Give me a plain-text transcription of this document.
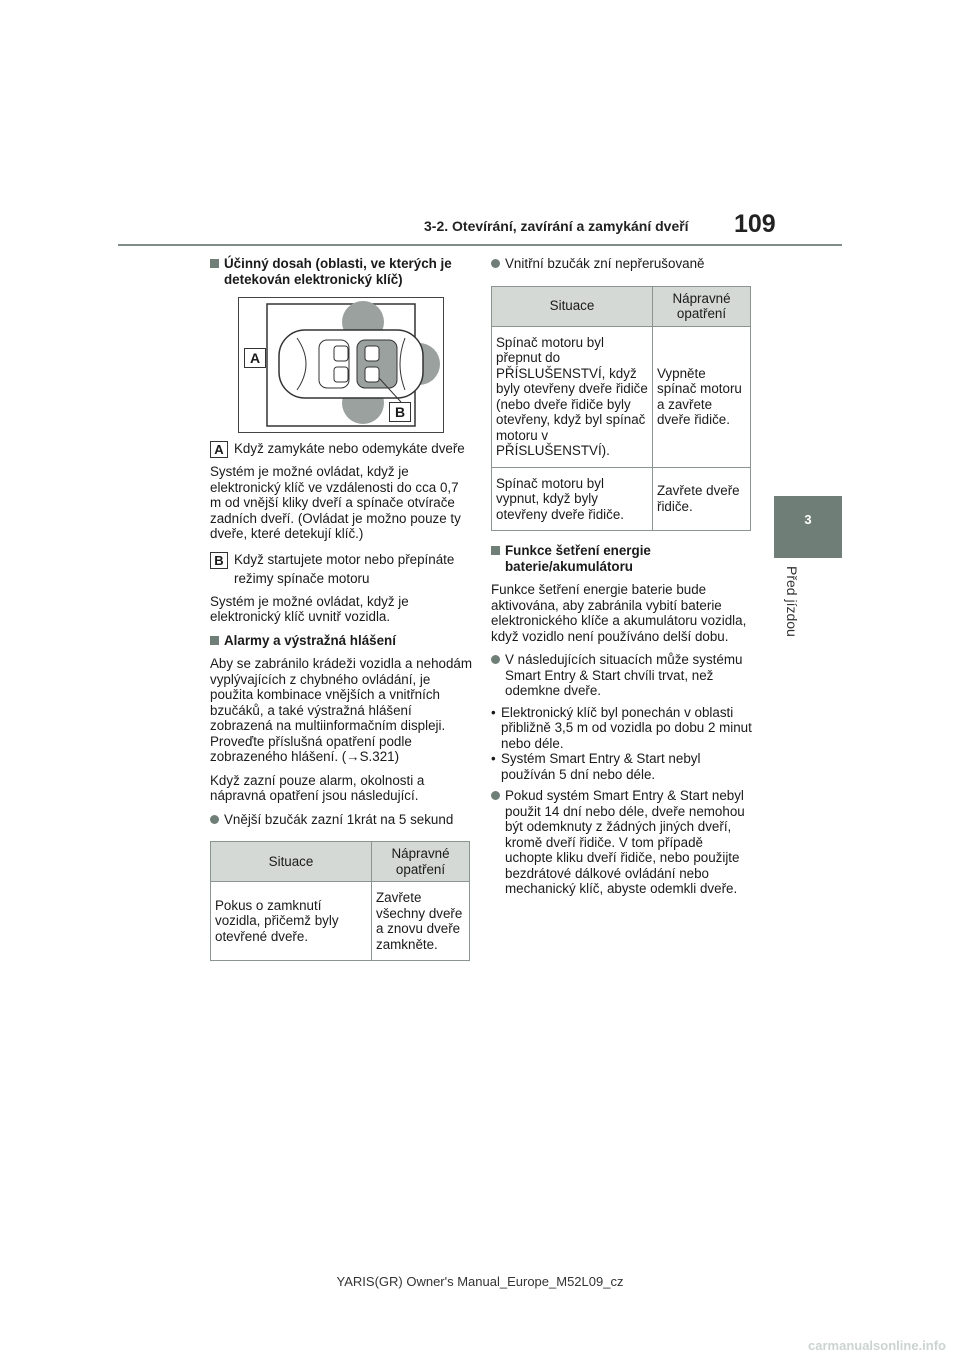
3-2. Otevírání, zavírání a zamykání dveří 109
3
Před jízdou
Účinný dosah (oblasti, ve kterých je detekován elektronický klíč)
A
B
A Když zamykáte nebo odemykáte dveře

Systém je možné ovládat, když je elektronický klíč ve vzdálenosti do cca 0,7 m od vnější kliky dveří a spínače otvírače zadních dveří. (Ovládat je možno pouze ty dveře, které detekují klíč.)

B Když startujete motor nebo přepínáte režimy spínače motoru

Systém je možné ovládat, když je elektronický klíč uvnitř vozidla.

Alarmy a výstražná hlášení

Aby se zabránilo krádeži vozidla a nehodám vyplývajících z chybného ovládání, je použita kombinace vnějších a vnitřních bzučáků, a také výstražná hlášení zobrazená na multiinformačním displeji. Proveďte příslušná opatření podle zobrazeného hlášení. (→S.321)

Když zazní pouze alarm, okolnosti a nápravná opatření jsou následující.

Vnější bzučák zazní 1krát na 5 sekund
Situace	Nápravné opatření
Pokus o zamknutí vozidla, přičemž byly otevřené dveře.	Zavřete všechny dveře a znovu dveře zamkněte.
Vnitřní bzučák zní nepřerušovaně
Situace	Nápravné opatření
Spínač motoru byl přepnut do PŘÍSLUŠENSTVÍ, když byly otevřeny dveře řidiče (nebo dveře řidiče byly otevřeny, když byl spínač motoru v PŘÍSLUŠENSTVÍ).	Vypněte spínač motoru a zavřete dveře řidiče.
Spínač motoru byl vypnut, když byly otevřeny dveře řidiče.	Zavřete dveře řidiče.
Funkce šetření energie baterie/akumulátoru

Funkce šetření energie baterie bude aktivována, aby zabránila vybití baterie elektronického klíče a akumulátoru vozidla, když vozidlo není používáno delší dobu.

V následujících situacích může systému Smart Entry & Start chvíli trvat, než odemkne dveře.
• Elektronický klíč byl ponechán v oblasti přibližně 3,5 m od vozidla po dobu 2 minut nebo déle.
• Systém Smart Entry & Start nebyl používán 5 dní nebo déle.
Pokud systém Smart Entry & Start nebyl použit 14 dní nebo déle, dveře nemohou být odemknuty z žádných jiných dveří, kromě dveří řidiče. V tom případě uchopte kliku dveří řidiče, nebo použijte bezdrátové dálkové ovládání nebo mechanický klíč, abyste odemkli dveře.
YARIS(GR) Owner's Manual_Europe_M52L09_cz
carmanualsonline.info
